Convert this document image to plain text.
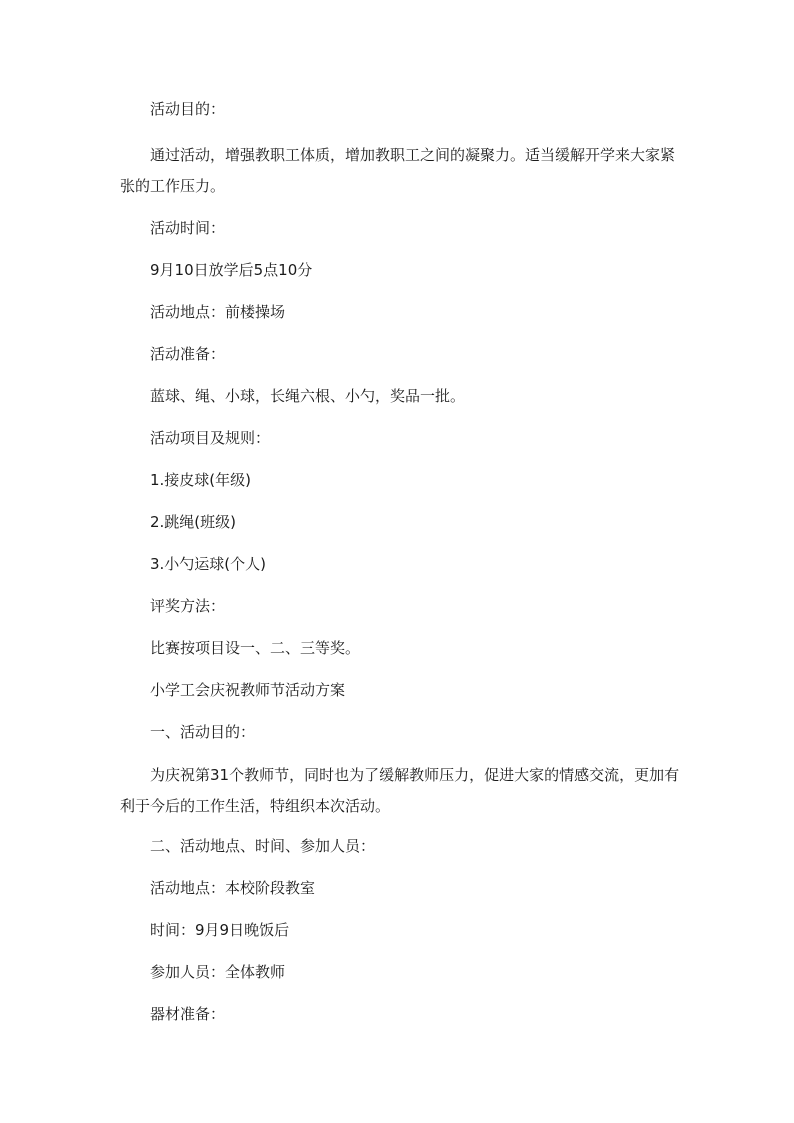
活动目的：

通过活动，增强教职工体质，增加教职工之间的凝聚力。适当缓解开学来大家紧张的工作压力。

活动时间：

9月10日放学后5点10分

活动地点：前楼操场

活动准备：

蓝球、绳、小球，长绳六根、小勺，奖品一批。

活动项目及规则：

1.接皮球(年级)

2.跳绳(班级)

3.小勺运球(个人)

评奖方法：

比赛按项目设一、二、三等奖。

小学工会庆祝教师节活动方案

一、活动目的：

为庆祝第31个教师节，同时也为了缓解教师压力，促进大家的情感交流，更加有利于今后的工作生活，特组织本次活动。

二、活动地点、时间、参加人员：

活动地点：本校阶段教室

时间：9月9日晚饭后

参加人员：全体教师

器材准备：
